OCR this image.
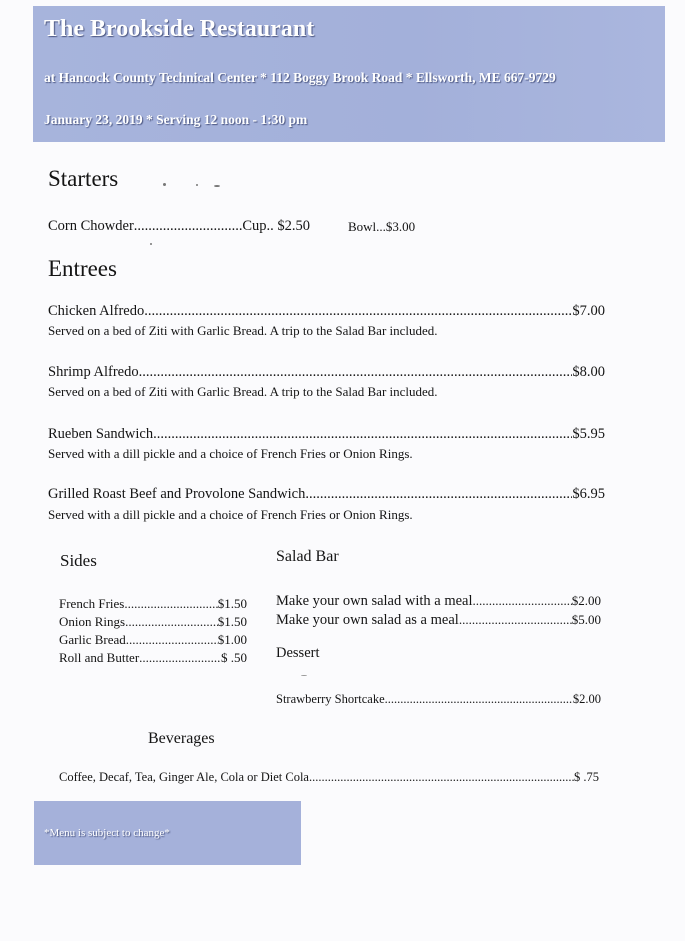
The Brookside Restaurant
at Hancock County Technical Center * 112 Boggy Brook Road * Ellsworth, ME 667-9729
January 23, 2019 * Serving 12 noon - 1:30 pm
Starters
Corn Chowder .....	Cup.. $2.50	Bowl...$3.00
Entrees
Chicken Alfredo .....	$7.00
Served on a bed of Ziti with Garlic Bread. A trip to the Salad Bar included.
Shrimp Alfredo .....	$8.00
Served on a bed of Ziti with Garlic Bread. A trip to the Salad Bar included.
Rueben Sandwich .....	$5.95
Served with a dill pickle and a choice of French Fries or Onion Rings.
Grilled Roast Beef and Provolone Sandwich .....	$6.95
Served with a dill pickle and a choice of French Fries or Onion Rings.
Sides
French Fries .....	$1.50
Onion Rings .....	$1.50
Garlic Bread .....	$1.00
Roll and Butter .....	$ .50
Salad Bar
Make your own salad with a meal .....	$2.00
Make your own salad as a meal .....	$5.00
Dessert
Strawberry Shortcake .....	$2.00
Beverages
Coffee, Decaf, Tea, Ginger Ale, Cola or Diet Cola .....	$ .75
*Menu is subject to change*
